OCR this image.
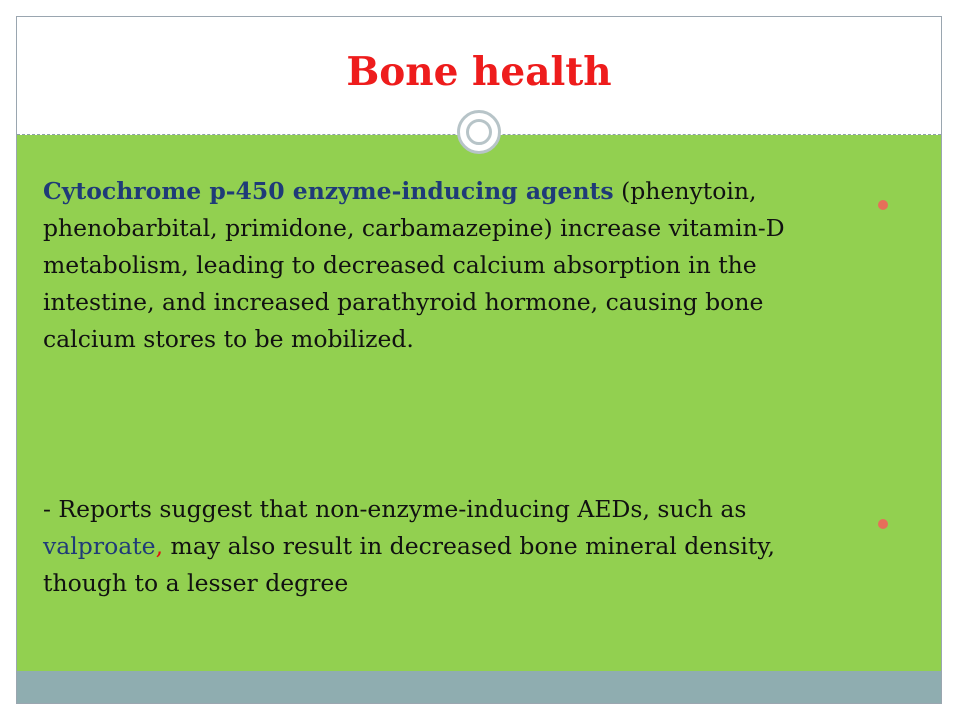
Bone health

Cytochrome p-450 enzyme-inducing agents (phenytoin, phenobarbital, primidone, carbamazepine) increase vitamin-D metabolism, leading to decreased calcium absorption in the intestine, and increased parathyroid hormone, causing bone calcium stores to be mobilized.

- Reports suggest that non-enzyme-inducing AEDs, such as valproate, may also result in decreased bone mineral density, though to a lesser degree
